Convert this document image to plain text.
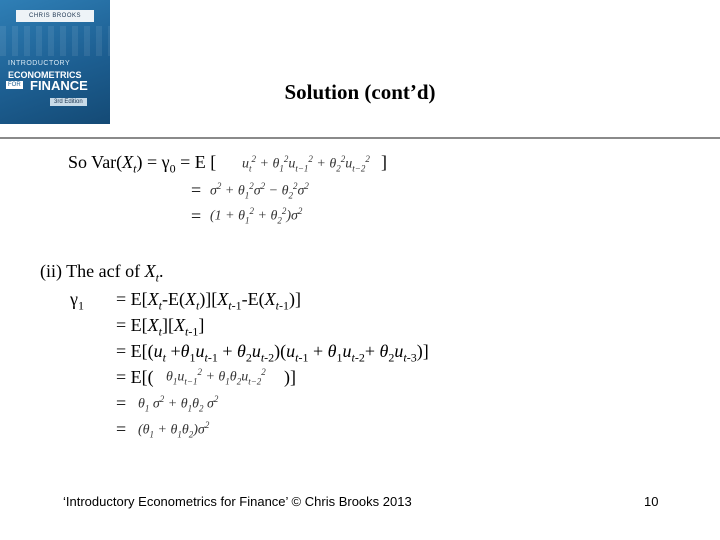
CHRIS BROOKS
INTRODUCTORY
ECONOMETRICS
FOR FINANCE
3rd Edition	Solution (cont’d)
So $Var(X_t) = \gamma_0 = E$ [ $u_t^2 + \theta_1^2u_{t-1}^2 + \theta_2^2u_{t-2}^2$ ]
= $\sigma^2 + \theta_1^2\sigma^2 - \theta_2^2\sigma^2$
= $(1 + \theta_1^2 + \theta_2^2)\sigma^2$
(ii) The acf of $X_t$.
$\gamma_1 = E[X_t-E(X_t)][X_{t-1}-E(X_{t-1})]$
= $E[X_t][X_{t-1}]$
= $E[(u_t +\theta_1u_{t-1} + \theta_2u_{t-2})(u_{t-1} + \theta_1u_{t-2}+ \theta_2u_{t-3})]$
= E[( $\theta_1u_{t-1}^2 + \theta_1\theta_2u_{t-2}^2$ )]
= $\theta_1$ $\sigma^2 + \theta_1\theta_2$ $\sigma^2$
= $(\theta_1 + \theta_1\theta_2)\sigma^2$
‘Introductory Econometrics for Finance’ © Chris Brooks 2013	10
